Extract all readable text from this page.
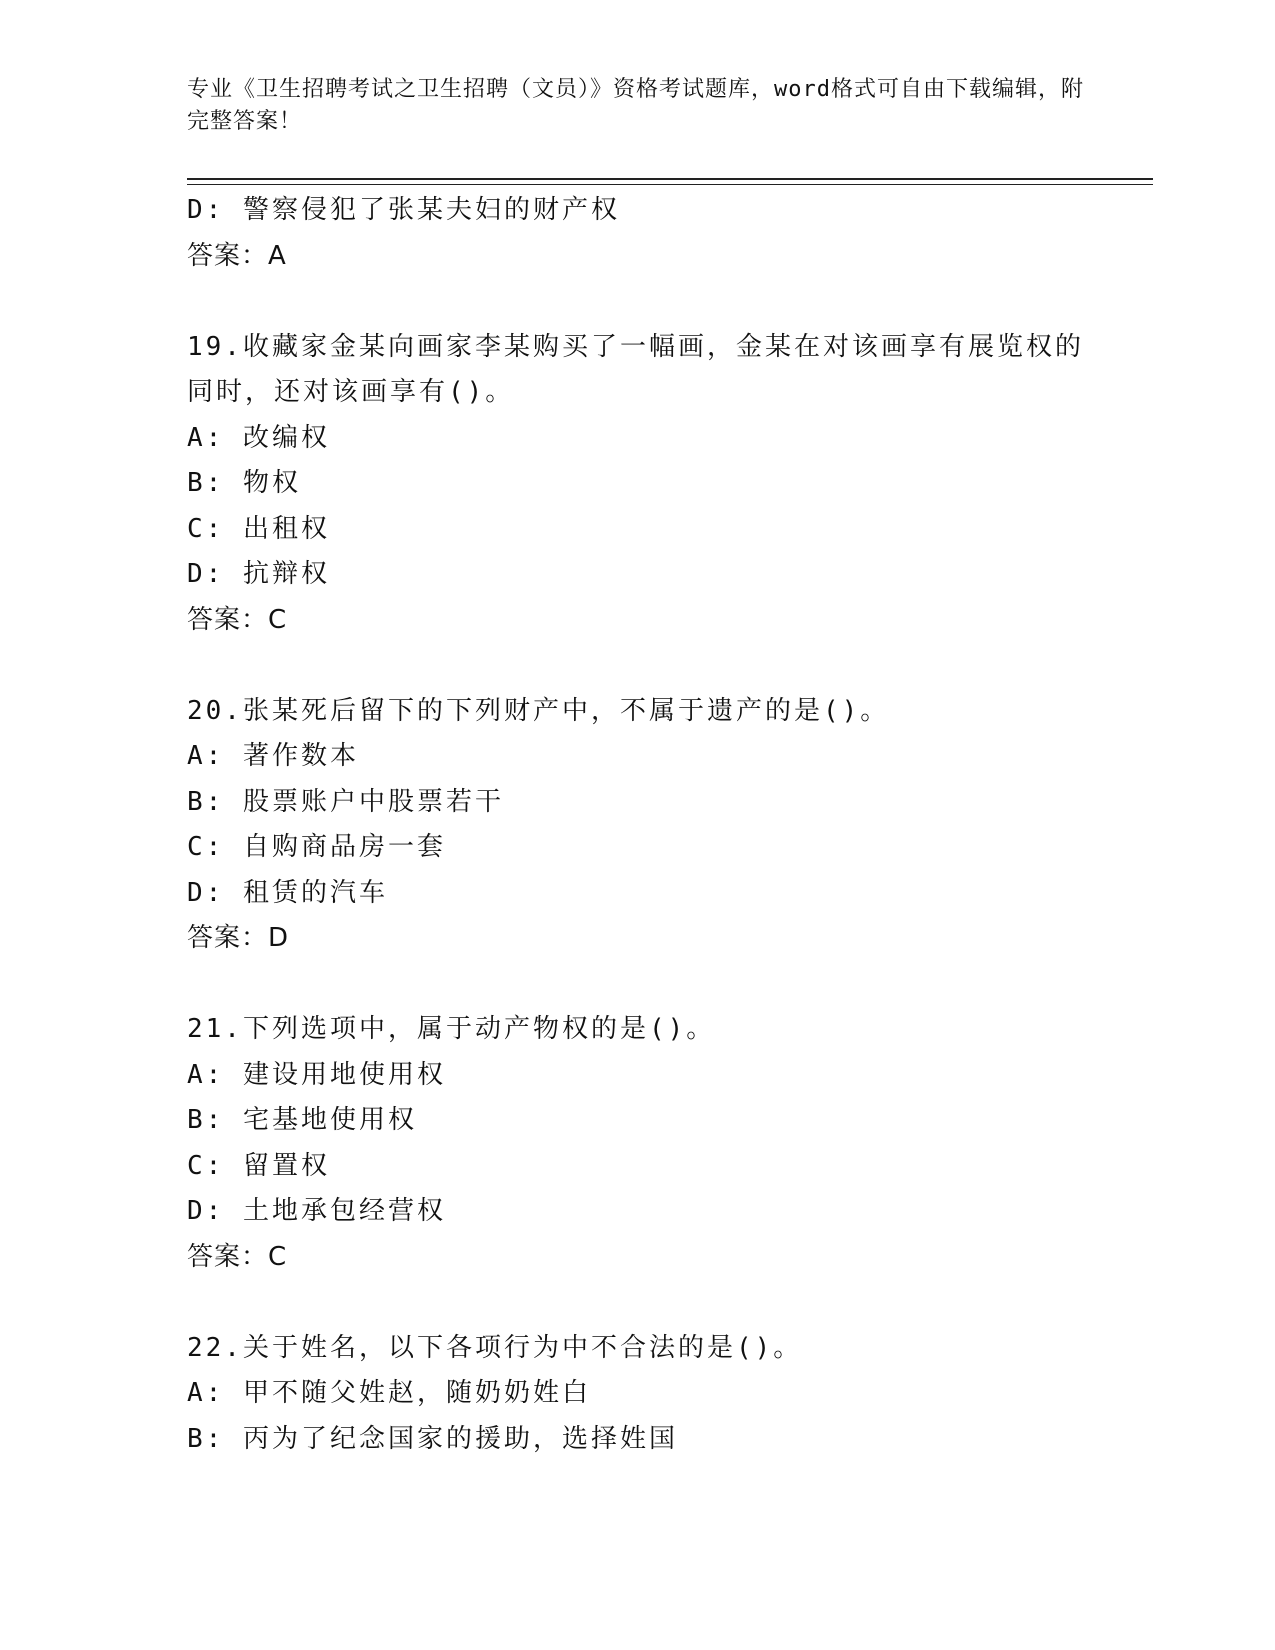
专业《卫生招聘考试之卫生招聘（文员）》资格考试题库，word格式可自由下载编辑，附完整答案！
D: 警察侵犯了张某夫妇的财产权
答案：A
19.收藏家金某向画家李某购买了一幅画，金某在对该画享有展览权的
同时，还对该画享有()。
A: 改编权
B: 物权
C: 出租权
D: 抗辩权
答案：C
20.张某死后留下的下列财产中，不属于遗产的是()。
A: 著作数本
B: 股票账户中股票若干
C: 自购商品房一套
D: 租赁的汽车
答案：D
21.下列选项中，属于动产物权的是()。
A: 建设用地使用权
B: 宅基地使用权
C: 留置权
D: 土地承包经营权
答案：C
22.关于姓名，以下各项行为中不合法的是()。
A: 甲不随父姓赵，随奶奶姓白
B: 丙为了纪念国家的援助，选择姓国
